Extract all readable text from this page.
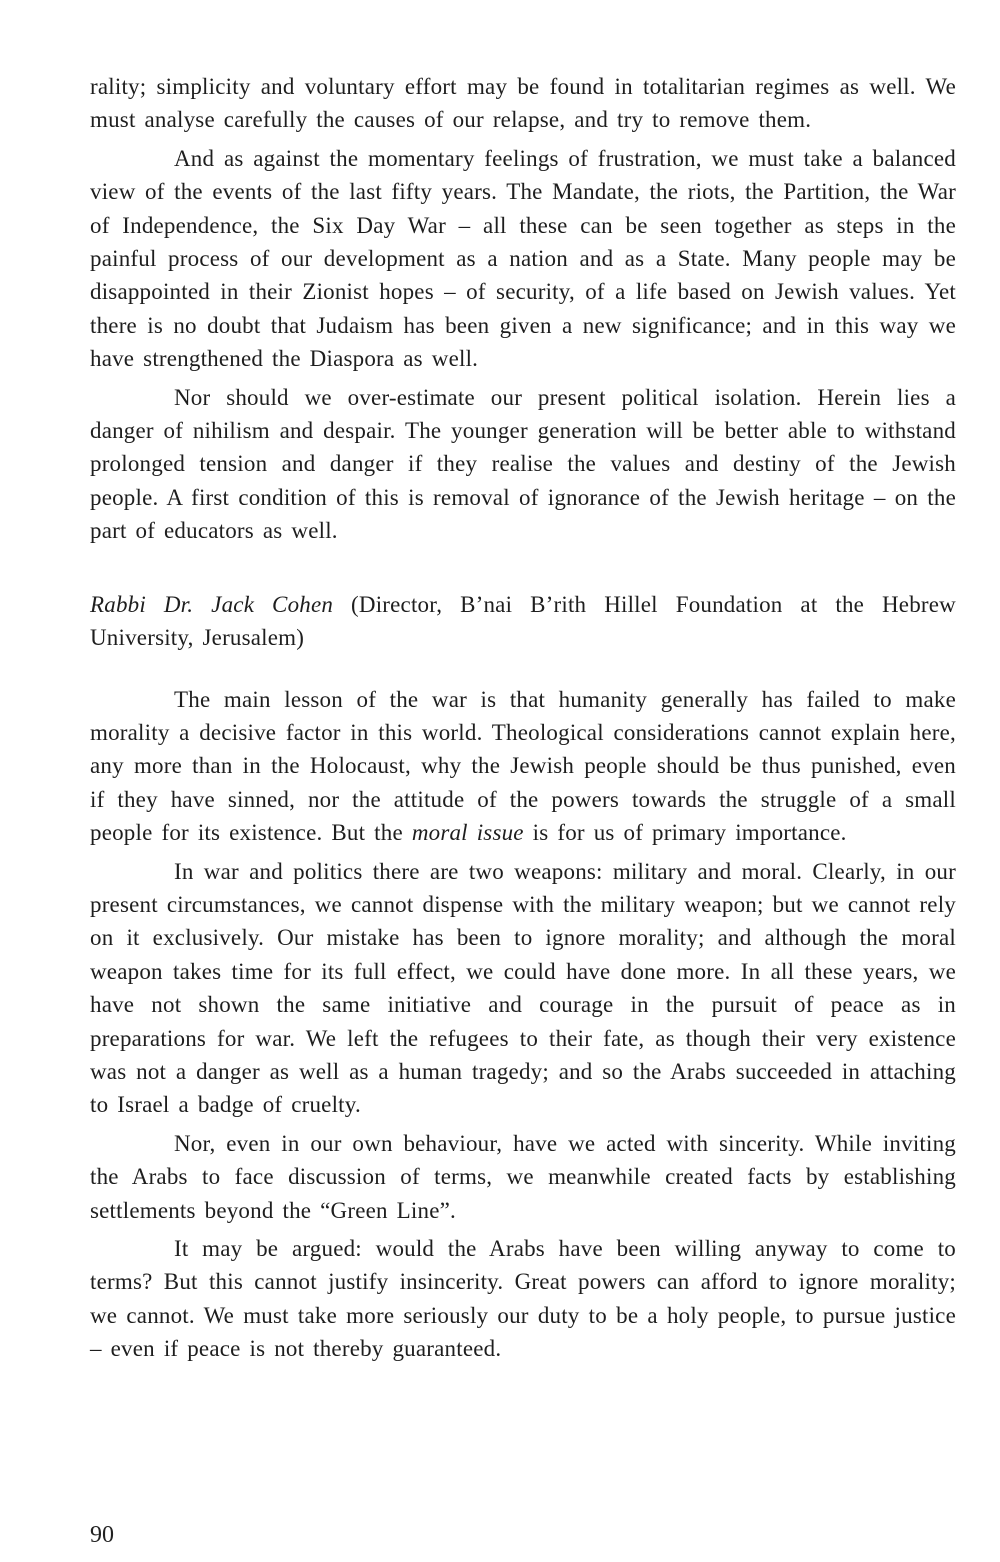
rality; simplicity and voluntary effort may be found in totalitarian regimes as well. We must analyse carefully the causes of our relapse, and try to remove them.

And as against the momentary feelings of frustration, we must take a balanced view of the events of the last fifty years. The Mandate, the riots, the Partition, the War of Independence, the Six Day War – all these can be seen together as steps in the painful process of our development as a nation and as a State. Many people may be disappointed in their Zionist hopes – of security, of a life based on Jewish values. Yet there is no doubt that Judaism has been given a new significance; and in this way we have strengthened the Diaspora as well.

Nor should we over-estimate our present political isolation. Herein lies a danger of nihilism and despair. The younger generation will be better able to withstand prolonged tension and danger if they realise the values and destiny of the Jewish people. A first condition of this is removal of ignorance of the Jewish heritage – on the part of educators as well.

Rabbi Dr. Jack Cohen (Director, B’nai B’rith Hillel Foundation at the Hebrew University, Jerusalem)

The main lesson of the war is that humanity generally has failed to make morality a decisive factor in this world. Theological considerations cannot explain here, any more than in the Holocaust, why the Jewish people should be thus punished, even if they have sinned, nor the attitude of the powers towards the struggle of a small people for its existence. But the moral issue is for us of primary importance.

In war and politics there are two weapons: military and moral. Clearly, in our present circumstances, we cannot dispense with the military weapon; but we cannot rely on it exclusively. Our mistake has been to ignore morality; and although the moral weapon takes time for its full effect, we could have done more. In all these years, we have not shown the same initiative and courage in the pursuit of peace as in preparations for war. We left the refugees to their fate, as though their very existence was not a danger as well as a human tragedy; and so the Arabs succeeded in attaching to Israel a badge of cruelty.

Nor, even in our own behaviour, have we acted with sincerity. While inviting the Arabs to face discussion of terms, we meanwhile created facts by establishing settlements beyond the “Green Line”.

It may be argued: would the Arabs have been willing anyway to come to terms? But this cannot justify insincerity. Great powers can afford to ignore morality; we cannot. We must take more seriously our duty to be a holy people, to pursue justice – even if peace is not thereby guaranteed.

90
